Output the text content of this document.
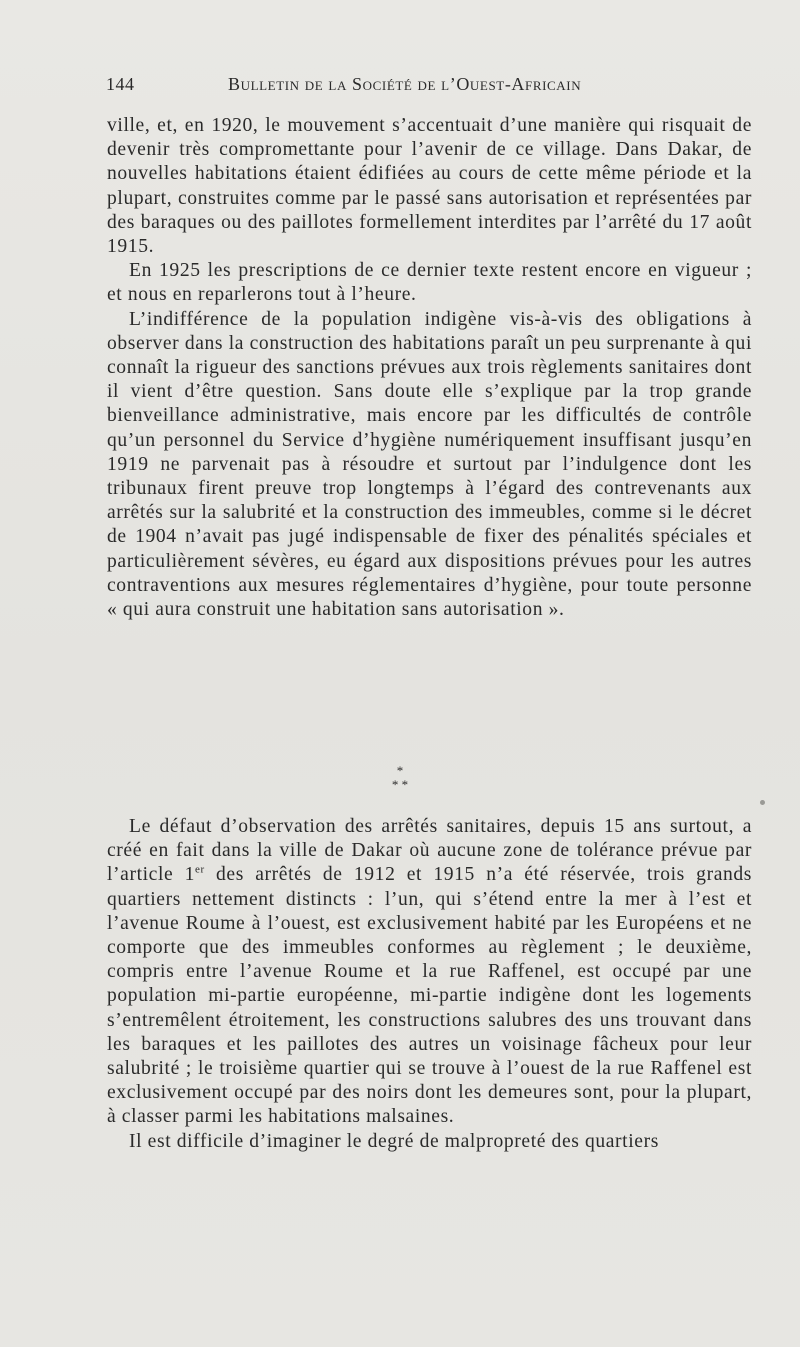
144	Bulletin de la Société de l’Ouest-Africain

ville, et, en 1920, le mouvement s’accentuait d’une manière qui risquait de devenir très compromettante pour l’avenir de ce village. Dans Dakar, de nouvelles habitations étaient édifiées au cours de cette même période et la plupart, construites comme par le passé sans autorisation et représentées par des baraques ou des paillotes formellement interdites par l’arrêté du 17 août 1915.

En 1925 les prescriptions de ce dernier texte restent encore en vigueur ; et nous en reparlerons tout à l’heure.

L’indifférence de la population indigène vis-à-vis des obligations à observer dans la construction des habitations paraît un peu surprenante à qui connaît la rigueur des sanctions prévues aux trois règlements sanitaires dont il vient d’être question. Sans doute elle s’explique par la trop grande bienveillance administrative, mais encore par les difficultés de contrôle qu’un personnel du Service d’hygiène numériquement insuffisant jusqu’en 1919 ne parvenait pas à résoudre et surtout par l’indulgence dont les tribunaux firent preuve trop longtemps à l’égard des contrevenants aux arrêtés sur la salubrité et la construction des immeubles, comme si le décret de 1904 n’avait pas jugé indispensable de fixer des pénalités spéciales et particulièrement sévères, eu égard aux dispositions prévues pour les autres contraventions aux mesures réglementaires d’hygiène, pour toute personne « qui aura construit une habitation sans autorisation ».

*
* *

Le défaut d’observation des arrêtés sanitaires, depuis 15 ans surtout, a créé en fait dans la ville de Dakar où aucune zone de tolérance prévue par l’article 1er des arrêtés de 1912 et 1915 n’a été réservée, trois grands quartiers nettement distincts : l’un, qui s’étend entre la mer à l’est et l’avenue Roume à l’ouest, est exclusivement habité par les Européens et ne comporte que des immeubles conformes au règlement ; le deuxième, compris entre l’avenue Roume et la rue Raffenel, est occupé par une population mi-partie européenne, mi-partie indigène dont les logements s’entremêlent étroitement, les constructions salubres des uns trouvant dans les baraques et les paillotes des autres un voisinage fâcheux pour leur salubrité ; le troisième quartier qui se trouve à l’ouest de la rue Raffenel est exclusivement occupé par des noirs dont les demeures sont, pour la plupart, à classer parmi les habitations malsaines.

Il est difficile d’imaginer le degré de malpropreté des quartiers
